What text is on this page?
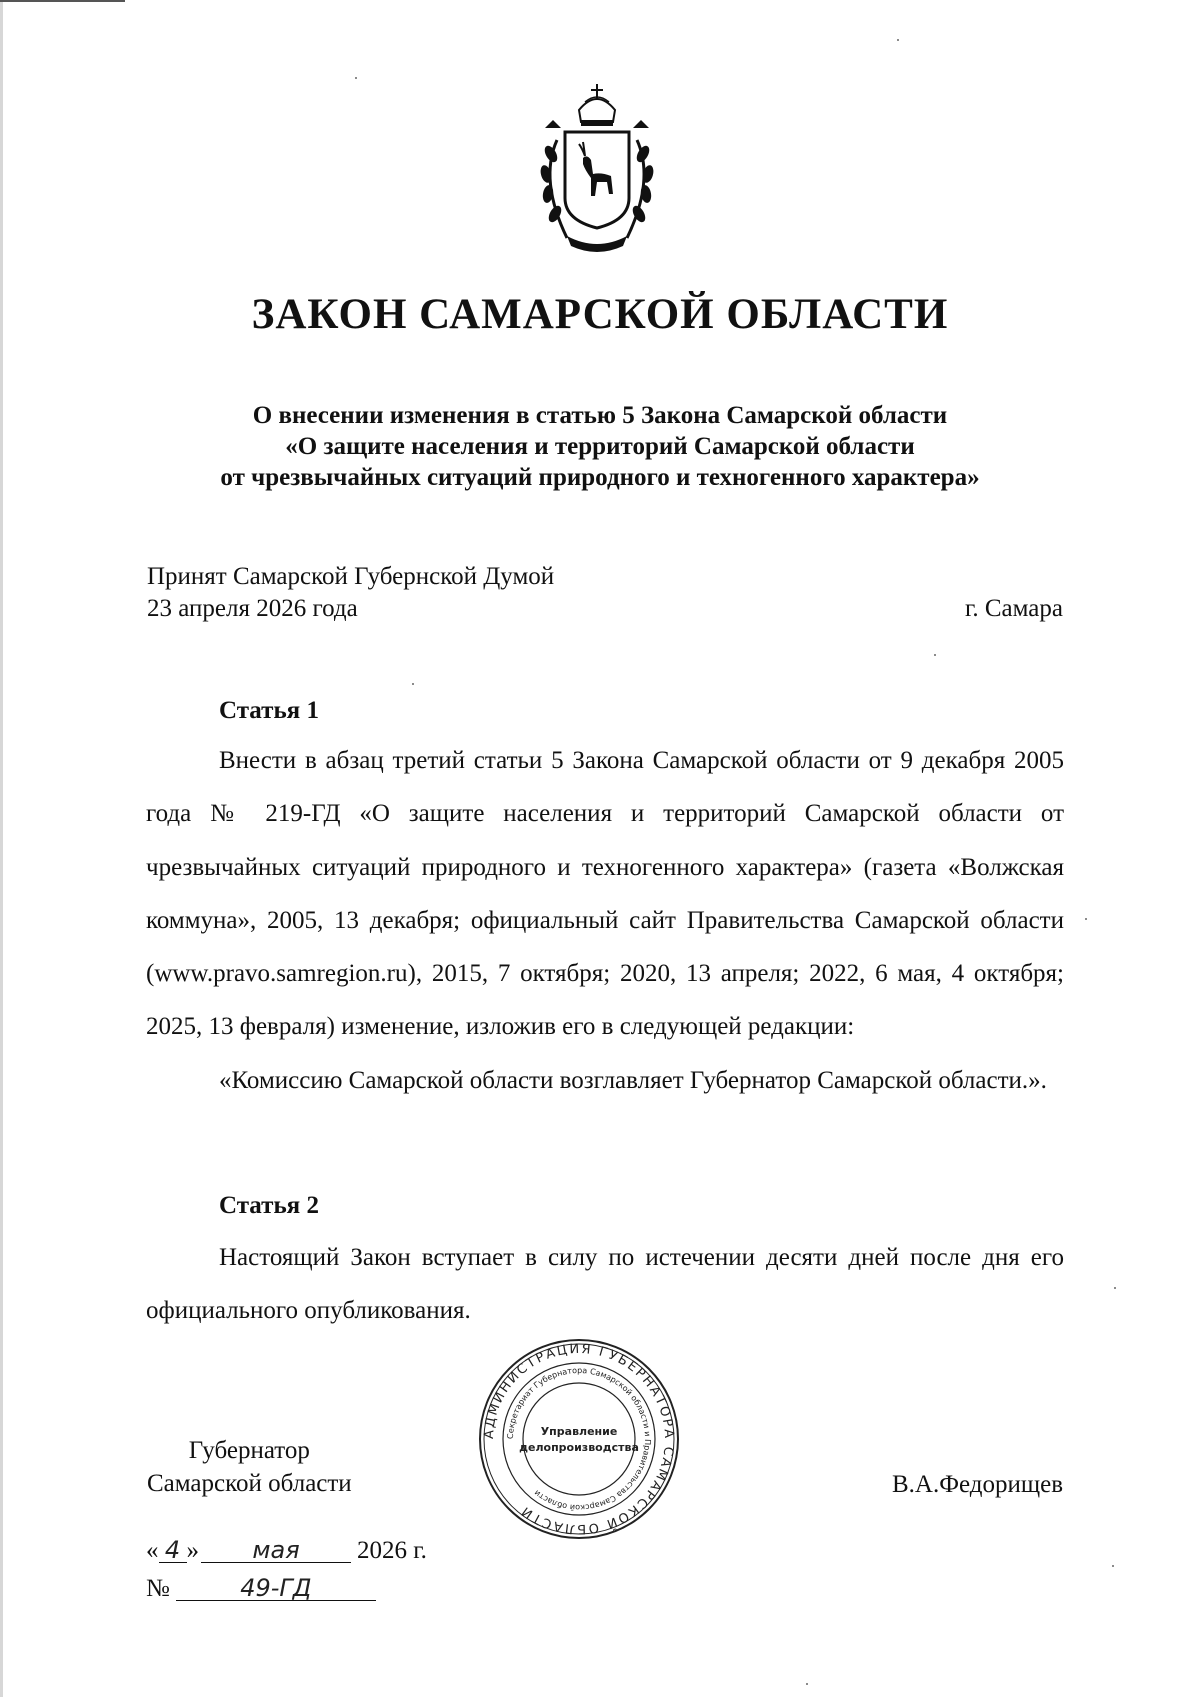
ЗАКОН САМАРСКОЙ ОБЛАСТИ
О внесении изменения в статью 5 Закона Самарской области
«О защите населения и территорий Самарской области
от чрезвычайных ситуаций природного и техногенного характера»
Принят Самарской Губернской Думой
23 апреля 2026 года	г. Самара
Статья 1

Внести в абзац третий статьи 5 Закона Самарской области от 9 декабря 2005 года № 219-ГД «О защите населения и территорий Самарской области от чрезвычайных ситуаций природного и техногенного характера» (газета «Волжская коммуна», 2005, 13 декабря; официальный сайт Правительства Самарской области (www.pravo.samregion.ru), 2015, 7 октября; 2020, 13 апреля; 2022, 6 мая, 4 октября; 2025, 13 февраля) изменение, изложив его в следующей редакции:

«Комиссию Самарской области возглавляет Губернатор Самарской области.».

Статья 2

Настоящий Закон вступает в силу по истечении десяти дней после дня его официального опубликования.

Губернатор
Самарской области	В.А.Федорищев
« 4 » мая 2026 г.
№	49-ГД
АДМИНИСТРАЦИЯ ГУБЕРНАТОРА САМАРСКОЙ ОБЛАСТИ
Секретариат Губернатора Самарской области и Правительства Самарской области
Управление
делопроизводства
